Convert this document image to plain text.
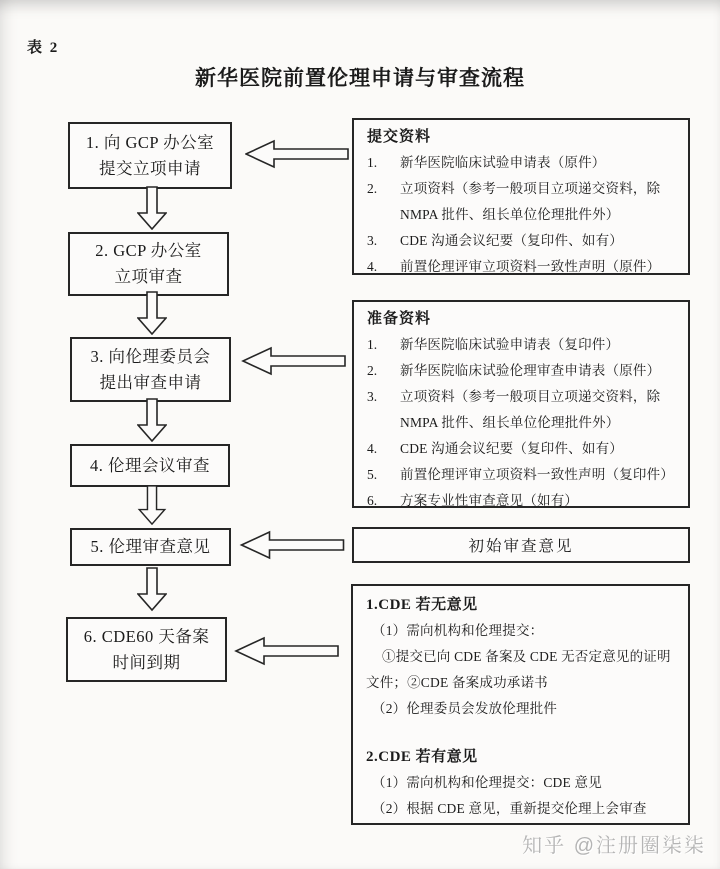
表 2
新华医院前置伦理申请与审查流程
1. 向 GCP 办公室
提交立项申请
2. GCP 办公室
立项审查
3. 向伦理委员会
提出审查申请
4. 伦理会议审查
5. 伦理审查意见
6. CDE60 天备案
时间到期
提交资料
1.	新华医院临床试验申请表（原件）
2.	立项资料（参考一般项目立项递交资料，除 NMPA 批件、组长单位伦理批件外）
3.	CDE 沟通会议纪要（复印件、如有）
4.	前置伦理评审立项资料一致性声明（原件）
准备资料
1.	新华医院临床试验申请表（复印件）
2.	新华医院临床试验伦理审查申请表（原件）
3.	立项资料（参考一般项目立项递交资料，除 NMPA 批件、组长单位伦理批件外）
4.	CDE 沟通会议纪要（复印件、如有）
5.	前置伦理评审立项资料一致性声明（复印件）
6.	方案专业性审查意见（如有）
初始审查意见
1.CDE 若无意见
（1）需向机构和伦理提交：
①提交已向 CDE 备案及 CDE 无否定意见的证明
文件；②CDE 备案成功承诺书
（2）伦理委员会发放伦理批件
2.CDE 若有意见
（1）需向机构和伦理提交：CDE 意见
（2）根据 CDE 意见，重新提交伦理上会审查
知乎 @注册圈柒柒
